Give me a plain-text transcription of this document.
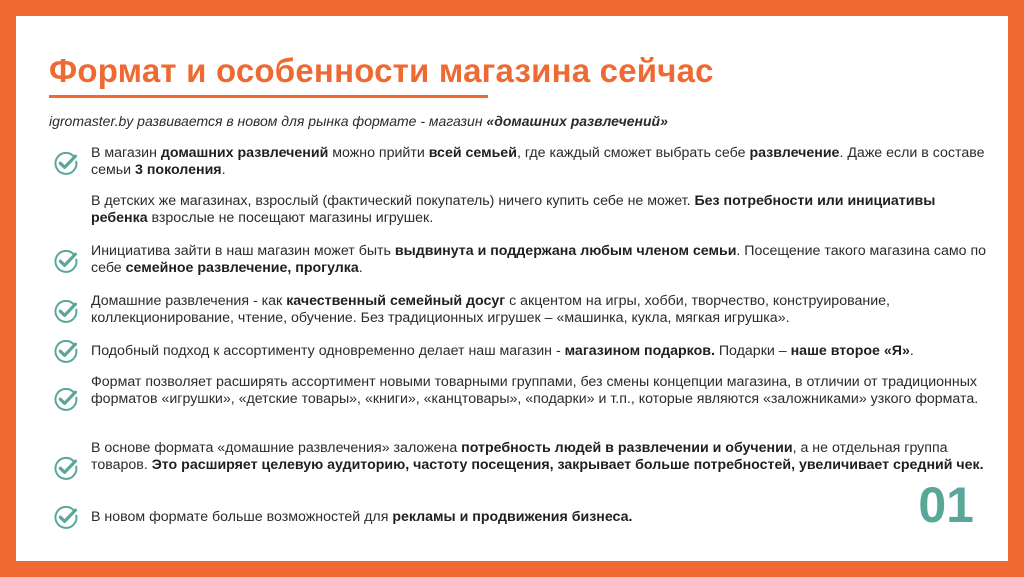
Формат и особенности магазина сейчас
igromaster.by развивается в новом для рынка формате - магазин «домашних развлечений»

В магазин домашних развлечений можно прийти всей семьей, где каждый сможет выбрать себе развлечение. Даже если в составе семьи 3 поколения.

В детских же магазинах, взрослый (фактический покупатель) ничего купить себе не может. Без потребности или инициативы ребенка взрослые не посещают магазины игрушек.

Инициатива зайти в наш магазин может быть выдвинута и поддержана любым членом семьи. Посещение такого магазина само по себе семейное развлечение, прогулка.

Домашние развлечения - как качественный семейный досуг с акцентом на игры, хобби, творчество, конструирование, коллекционирование, чтение, обучение. Без традиционных игрушек – «машинка, кукла, мягкая игрушка».

Подобный подход к ассортименту одновременно делает наш магазин - магазином подарков. Подарки – наше второе «Я».

Формат позволяет расширять ассортимент новыми товарными группами, без смены концепции магазина, в отличии от традиционных форматов «игрушки», «детские товары», «книги», «канцтовары», «подарки» и т.п., которые являются «заложниками» узкого формата.

В основе формата «домашние развлечения» заложена потребность людей в развлечении и обучении, а не отдельная группа товаров. Это расширяет целевую аудиторию, частоту посещения, закрывает больше потребностей, увеличивает средний чек.

В новом формате больше возможностей для рекламы и продвижения бизнеса.	01
